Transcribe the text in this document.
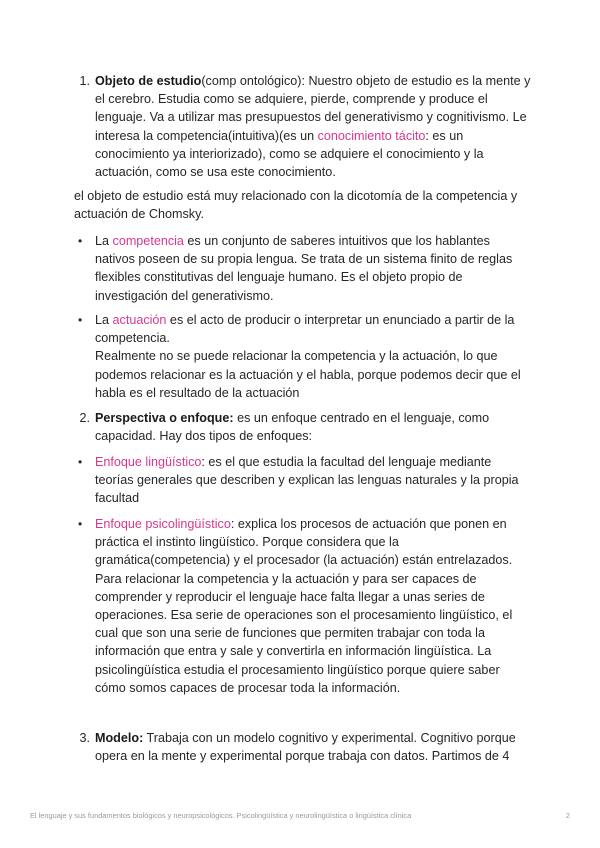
1. Objeto de estudio(comp ontológico): Nuestro objeto de estudio es la mente y el cerebro. Estudia como se adquiere, pierde, comprende y produce el lenguaje. Va a utilizar mas presupuestos del generativismo y cognitivismo. Le interesa la competencia(intuitiva)(es un conocimiento tácito: es un conocimiento ya interiorizado), como se adquiere el conocimiento y la actuación, como se usa este conocimiento.
el objeto de estudio está muy relacionado con la dicotomía de la competencia y actuación de Chomsky.
• La competencia es un conjunto de saberes intuitivos que los hablantes nativos poseen de su propia lengua. Se trata de un sistema finito de reglas flexibles constitutivas del lenguaje humano. Es el objeto propio de investigación del generativismo.
• La actuación es el acto de producir o interpretar un enunciado a partir de la competencia.
Realmente no se puede relacionar la competencia y la actuación, lo que podemos relacionar es la actuación y el habla, porque podemos decir que el habla es el resultado de la actuación
2. Perspectiva o enfoque: es un enfoque centrado en el lenguaje, como capacidad. Hay dos tipos de enfoques:
• Enfoque lingüístico: es el que estudia la facultad del lenguaje mediante teorías generales que describen y explican las lenguas naturales y la propia facultad
• Enfoque psicolingüístico: explica los procesos de actuación que ponen en práctica el instinto lingüístico. Porque considera que la gramática(competencia) y el procesador (la actuación) están entrelazados. Para relacionar la competencia y la actuación y para ser capaces de comprender y reproducir el lenguaje hace falta llegar a unas series de operaciones. Esa serie de operaciones son el procesamiento lingüístico, el cual que son una serie de funciones que permiten trabajar con toda la información que entra y sale y convertirla en información lingüística. La psicolingüística estudia el procesamiento lingüístico porque quiere saber cómo somos capaces de procesar toda la información.
3. Modelo: Trabaja con un modelo cognitivo y experimental. Cognitivo porque opera en la mente y experimental porque trabaja con datos. Partimos de 4
El lenguaje y sus fundamentos biológicos y neuropsicológicos. Psicolingüística y neurolingüística o lingüística clínica	2
